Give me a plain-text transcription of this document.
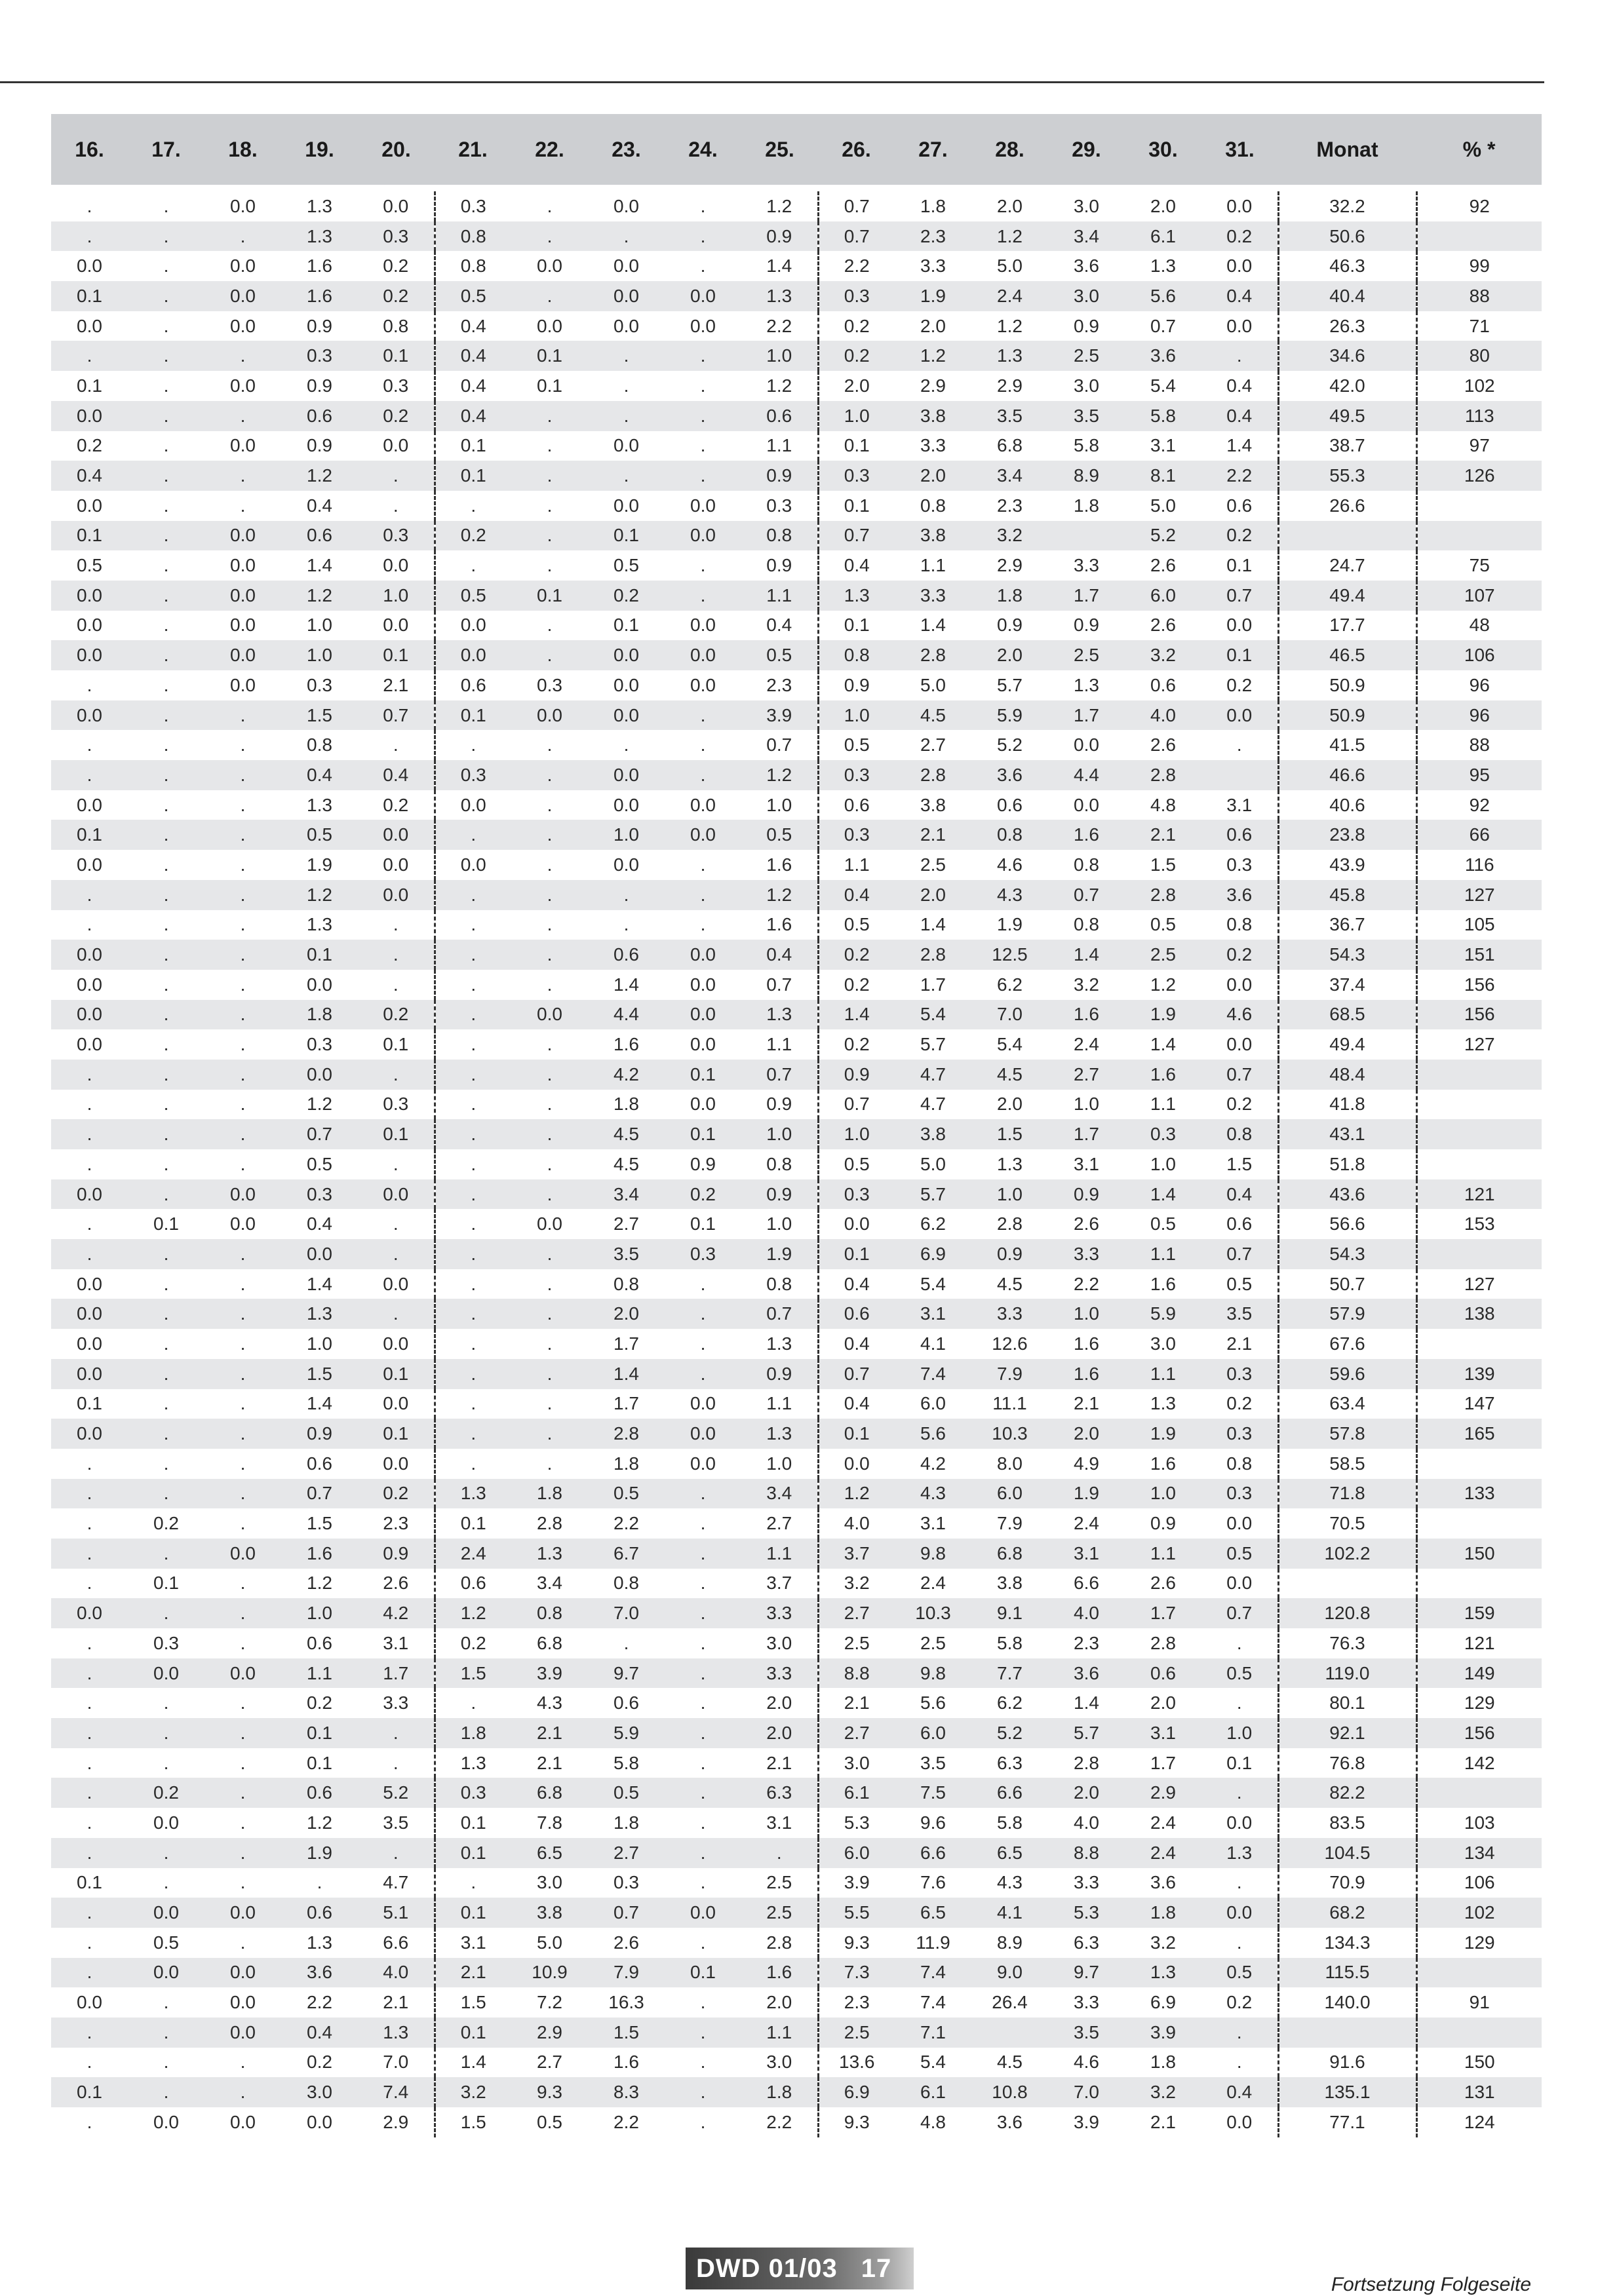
16.	17.	18.	19.	20.	21.	22.	23.	24.	25.	26.	27.	28.	29.	30.	31.	Monat	% *

.	.	0.0	1.3	0.0	0.3	.	0.0	.	1.2	0.7	1.8	2.0	3.0	2.0	0.0	32.2	92
.	.	.	1.3	0.3	0.8	.	.	.	0.9	0.7	2.3	1.2	3.4	6.1	0.2	50.6	
0.0	.	0.0	1.6	0.2	0.8	0.0	0.0	.	1.4	2.2	3.3	5.0	3.6	1.3	0.0	46.3	99
0.1	.	0.0	1.6	0.2	0.5	.	0.0	0.0	1.3	0.3	1.9	2.4	3.0	5.6	0.4	40.4	88
0.0	.	0.0	0.9	0.8	0.4	0.0	0.0	0.0	2.2	0.2	2.0	1.2	0.9	0.7	0.0	26.3	71
.	.	.	0.3	0.1	0.4	0.1	.	.	1.0	0.2	1.2	1.3	2.5	3.6	.	34.6	80
0.1	.	0.0	0.9	0.3	0.4	0.1	.	.	1.2	2.0	2.9	2.9	3.0	5.4	0.4	42.0	102
0.0	.	.	0.6	0.2	0.4	.	.	.	0.6	1.0	3.8	3.5	3.5	5.8	0.4	49.5	113
0.2	.	0.0	0.9	0.0	0.1	.	0.0	.	1.1	0.1	3.3	6.8	5.8	3.1	1.4	38.7	97
0.4	.	.	1.2	.	0.1	.	.	.	0.9	0.3	2.0	3.4	8.9	8.1	2.2	55.3	126
0.0	.	.	0.4	.	.	.	0.0	0.0	0.3	0.1	0.8	2.3	1.8	5.0	0.6	26.6	
0.1	.	0.0	0.6	0.3	0.2	.	0.1	0.0	0.8	0.7	3.8	3.2		5.2	0.2		
0.5	.	0.0	1.4	0.0	.	.	0.5	.	0.9	0.4	1.1	2.9	3.3	2.6	0.1	24.7	75
0.0	.	0.0	1.2	1.0	0.5	0.1	0.2	.	1.1	1.3	3.3	1.8	1.7	6.0	0.7	49.4	107
0.0	.	0.0	1.0	0.0	0.0	.	0.1	0.0	0.4	0.1	1.4	0.9	0.9	2.6	0.0	17.7	48
0.0	.	0.0	1.0	0.1	0.0	.	0.0	0.0	0.5	0.8	2.8	2.0	2.5	3.2	0.1	46.5	106
.	.	0.0	0.3	2.1	0.6	0.3	0.0	0.0	2.3	0.9	5.0	5.7	1.3	0.6	0.2	50.9	96
0.0	.	.	1.5	0.7	0.1	0.0	0.0	.	3.9	1.0	4.5	5.9	1.7	4.0	0.0	50.9	96
.	.	.	0.8	.	.	.	.	.	0.7	0.5	2.7	5.2	0.0	2.6	.	41.5	88
.	.	.	0.4	0.4	0.3	.	0.0	.	1.2	0.3	2.8	3.6	4.4	2.8		46.6	95
0.0	.	.	1.3	0.2	0.0	.	0.0	0.0	1.0	0.6	3.8	0.6	0.0	4.8	3.1	40.6	92
0.1	.	.	0.5	0.0	.	.	1.0	0.0	0.5	0.3	2.1	0.8	1.6	2.1	0.6	23.8	66
0.0	.	.	1.9	0.0	0.0	.	0.0	.	1.6	1.1	2.5	4.6	0.8	1.5	0.3	43.9	116
.	.	.	1.2	0.0	.	.	.	.	1.2	0.4	2.0	4.3	0.7	2.8	3.6	45.8	127
.	.	.	1.3	.	.	.	.	.	1.6	0.5	1.4	1.9	0.8	0.5	0.8	36.7	105
0.0	.	.	0.1	.	.	.	0.6	0.0	0.4	0.2	2.8	12.5	1.4	2.5	0.2	54.3	151
0.0	.	.	0.0	.	.	.	1.4	0.0	0.7	0.2	1.7	6.2	3.2	1.2	0.0	37.4	156
0.0	.	.	1.8	0.2	.	0.0	4.4	0.0	1.3	1.4	5.4	7.0	1.6	1.9	4.6	68.5	156
0.0	.	.	0.3	0.1	.	.	1.6	0.0	1.1	0.2	5.7	5.4	2.4	1.4	0.0	49.4	127
.	.	.	0.0	.	.	.	4.2	0.1	0.7	0.9	4.7	4.5	2.7	1.6	0.7	48.4	
.	.	.	1.2	0.3	.	.	1.8	0.0	0.9	0.7	4.7	2.0	1.0	1.1	0.2	41.8	
.	.	.	0.7	0.1	.	.	4.5	0.1	1.0	1.0	3.8	1.5	1.7	0.3	0.8	43.1	
.	.	.	0.5	.	.	.	4.5	0.9	0.8	0.5	5.0	1.3	3.1	1.0	1.5	51.8	
0.0	.	0.0	0.3	0.0	.	.	3.4	0.2	0.9	0.3	5.7	1.0	0.9	1.4	0.4	43.6	121
.	0.1	0.0	0.4	.	.	0.0	2.7	0.1	1.0	0.0	6.2	2.8	2.6	0.5	0.6	56.6	153
.	.	.	0.0	.	.	.	3.5	0.3	1.9	0.1	6.9	0.9	3.3	1.1	0.7	54.3	
0.0	.	.	1.4	0.0	.	.	0.8	.	0.8	0.4	5.4	4.5	2.2	1.6	0.5	50.7	127
0.0	.	.	1.3	.	.	.	2.0	.	0.7	0.6	3.1	3.3	1.0	5.9	3.5	57.9	138
0.0	.	.	1.0	0.0	.	.	1.7	.	1.3	0.4	4.1	12.6	1.6	3.0	2.1	67.6	
0.0	.	.	1.5	0.1	.	.	1.4	.	0.9	0.7	7.4	7.9	1.6	1.1	0.3	59.6	139
0.1	.	.	1.4	0.0	.	.	1.7	0.0	1.1	0.4	6.0	11.1	2.1	1.3	0.2	63.4	147
0.0	.	.	0.9	0.1	.	.	2.8	0.0	1.3	0.1	5.6	10.3	2.0	1.9	0.3	57.8	165
.	.	.	0.6	0.0	.	.	1.8	0.0	1.0	0.0	4.2	8.0	4.9	1.6	0.8	58.5	
.	.	.	0.7	0.2	1.3	1.8	0.5	.	3.4	1.2	4.3	6.0	1.9	1.0	0.3	71.8	133
.	0.2	.	1.5	2.3	0.1	2.8	2.2	.	2.7	4.0	3.1	7.9	2.4	0.9	0.0	70.5	
.	.	0.0	1.6	0.9	2.4	1.3	6.7	.	1.1	3.7	9.8	6.8	3.1	1.1	0.5	102.2	150
.	0.1	.	1.2	2.6	0.6	3.4	0.8	.	3.7	3.2	2.4	3.8	6.6	2.6	0.0		
0.0	.	.	1.0	4.2	1.2	0.8	7.0	.	3.3	2.7	10.3	9.1	4.0	1.7	0.7	120.8	159
.	0.3	.	0.6	3.1	0.2	6.8	.	.	3.0	2.5	2.5	5.8	2.3	2.8	.	76.3	121
.	0.0	0.0	1.1	1.7	1.5	3.9	9.7	.	3.3	8.8	9.8	7.7	3.6	0.6	0.5	119.0	149
.	.	.	0.2	3.3	.	4.3	0.6	.	2.0	2.1	5.6	6.2	1.4	2.0	.	80.1	129
.	.	.	0.1	.	1.8	2.1	5.9	.	2.0	2.7	6.0	5.2	5.7	3.1	1.0	92.1	156
.	.	.	0.1	.	1.3	2.1	5.8	.	2.1	3.0	3.5	6.3	2.8	1.7	0.1	76.8	142
.	0.2	.	0.6	5.2	0.3	6.8	0.5	.	6.3	6.1	7.5	6.6	2.0	2.9	.	82.2	
.	0.0	.	1.2	3.5	0.1	7.8	1.8	.	3.1	5.3	9.6	5.8	4.0	2.4	0.0	83.5	103
.	.	.	1.9	.	0.1	6.5	2.7	.	.	6.0	6.6	6.5	8.8	2.4	1.3	104.5	134
0.1	.	.	.	4.7	.	3.0	0.3	.	2.5	3.9	7.6	4.3	3.3	3.6	.	70.9	106
.	0.0	0.0	0.6	5.1	0.1	3.8	0.7	0.0	2.5	5.5	6.5	4.1	5.3	1.8	0.0	68.2	102
.	0.5	.	1.3	6.6	3.1	5.0	2.6	.	2.8	9.3	11.9	8.9	6.3	3.2	.	134.3	129
.	0.0	0.0	3.6	4.0	2.1	10.9	7.9	0.1	1.6	7.3	7.4	9.0	9.7	1.3	0.5	115.5	
0.0	.	0.0	2.2	2.1	1.5	7.2	16.3	.	2.0	2.3	7.4	26.4	3.3	6.9	0.2	140.0	91
.	.	0.0	0.4	1.3	0.1	2.9	1.5	.	1.1	2.5	7.1		3.5	3.9	.		
.	.	.	0.2	7.0	1.4	2.7	1.6	.	3.0	13.6	5.4	4.5	4.6	1.8	.	91.6	150
0.1	.	.	3.0	7.4	3.2	9.3	8.3	.	1.8	6.9	6.1	10.8	7.0	3.2	0.4	135.1	131
.	0.0	0.0	0.0	2.9	1.5	0.5	2.2	.	2.2	9.3	4.8	3.6	3.9	2.1	0.0	77.1	124
DWD 01/03 17
Fortsetzung Folgeseite
